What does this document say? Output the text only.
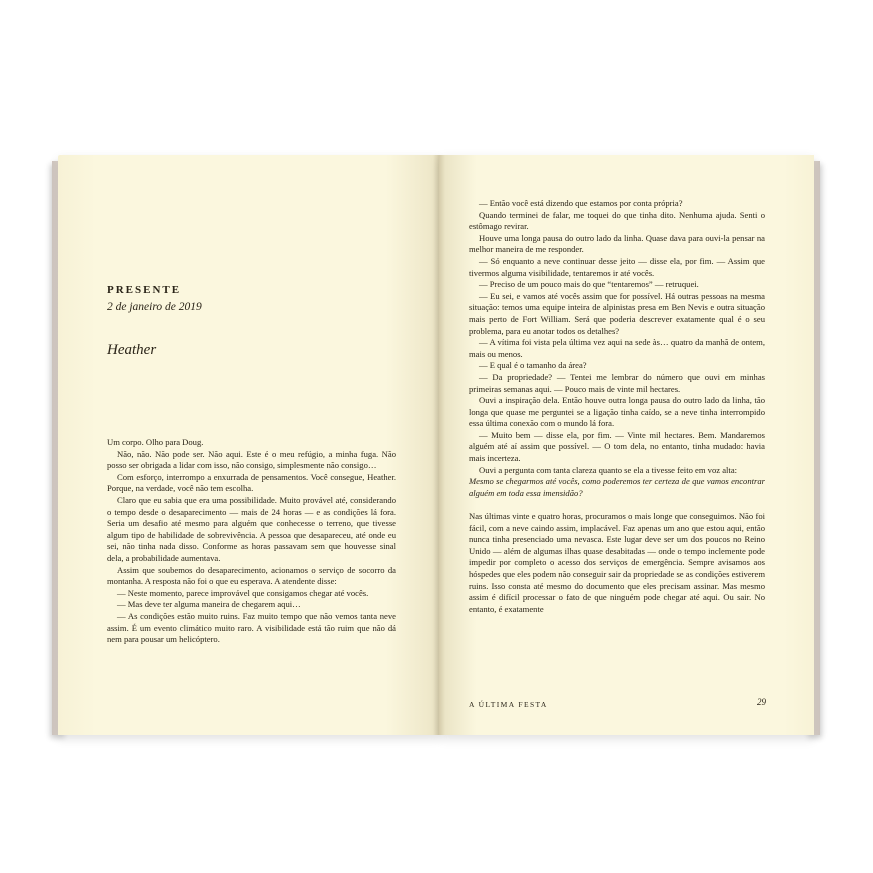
PRESENTE
2 de janeiro de 2019
Heather

Um corpo. Olho para Doug.

Não, não. Não pode ser. Não aqui. Este é o meu refúgio, a minha fuga. Não posso ser obrigada a lidar com isso, não consigo, simplesmente não consigo…

Com esforço, interrompo a enxurrada de pensamentos. Você consegue, Heather. Porque, na verdade, você não tem escolha.

Claro que eu sabia que era uma possibilidade. Muito provável até, considerando o tempo desde o desaparecimento — mais de 24 horas — e as condições lá fora. Seria um desafio até mesmo para alguém que conhecesse o terreno, que tivesse algum tipo de habilidade de sobrevivência. A pessoa que desapareceu, até onde eu sei, não tinha nada disso. Conforme as horas passavam sem que houvesse sinal dela, a probabilidade aumentava.

Assim que soubemos do desaparecimento, acionamos o serviço de socorro da montanha. A resposta não foi o que eu esperava. A atendente disse:

— Neste momento, parece improvável que consigamos chegar até vocês.

— Mas deve ter alguma maneira de chegarem aqui…

— As condições estão muito ruins. Faz muito tempo que não vemos tanta neve assim. É um evento climático muito raro. A visibilidade está tão ruim que não dá nem para pousar um helicóptero.

— Então você está dizendo que estamos por conta própria?

Quando terminei de falar, me toquei do que tinha dito. Nenhuma ajuda. Senti o estômago revirar.

Houve uma longa pausa do outro lado da linha. Quase dava para ouvi-la pensar na melhor maneira de me responder.

— Só enquanto a neve continuar desse jeito — disse ela, por fim. — Assim que tivermos alguma visibilidade, tentaremos ir até vocês.

— Preciso de um pouco mais do que “tentaremos” — retruquei.

— Eu sei, e vamos até vocês assim que for possível. Há outras pessoas na mesma situação: temos uma equipe inteira de alpinistas presa em Ben Nevis e outra situação mais perto de Fort William. Será que poderia descrever exatamente qual é o seu problema, para eu anotar todos os detalhes?

— A vítima foi vista pela última vez aqui na sede às… quatro da manhã de ontem, mais ou menos.

— E qual é o tamanho da área?

— Da propriedade? — Tentei me lembrar do número que ouvi em minhas primeiras semanas aqui. — Pouco mais de vinte mil hectares.

Ouvi a inspiração dela. Então houve outra longa pausa do outro lado da linha, tão longa que quase me perguntei se a ligação tinha caído, se a neve tinha interrompido essa última conexão com o mundo lá fora.

— Muito bem — disse ela, por fim. — Vinte mil hectares. Bem. Mandaremos alguém até aí assim que possível. — O tom dela, no entanto, tinha mudado: havia mais incerteza.

Ouvi a pergunta com tanta clareza quanto se ela a tivesse feito em voz alta:

Mesmo se chegarmos até vocês, como poderemos ter certeza de que vamos encontrar alguém em toda essa imensidão?

Nas últimas vinte e quatro horas, procuramos o mais longe que conseguimos. Não foi fácil, com a neve caindo assim, implacável. Faz apenas um ano que estou aqui, então nunca tinha presenciado uma nevasca. Este lugar deve ser um dos poucos no Reino Unido — além de algumas ilhas quase desabitadas — onde o tempo inclemente pode impedir por completo o acesso dos serviços de emergência. Sempre avisamos aos hóspedes que eles podem não conseguir sair da propriedade se as condições estiverem ruins. Isso consta até mesmo do documento que eles precisam assinar. Mas mesmo assim é difícil processar o fato de que ninguém pode chegar até aqui. Ou sair. No entanto, é exatamente

A ÚLTIMA FESTA	29
